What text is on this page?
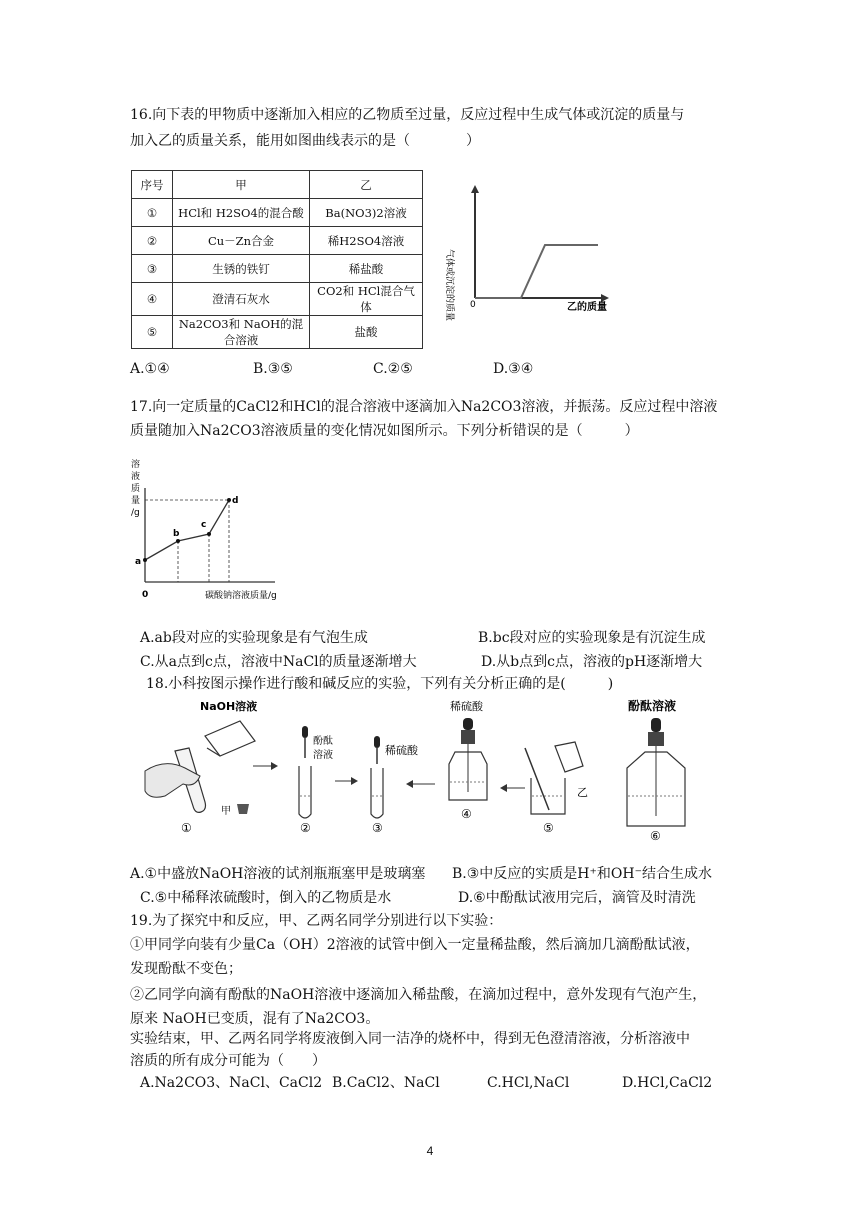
16.向下表的甲物质中逐渐加入相应的乙物质至过量，反应过程中生成气体或沉淀的质量与
加入乙的质量关系，能用如图曲线表示的是（　　　　）
序号	甲	乙
①	HCl和 H2SO4的混合酸	Ba(NO3)2溶液
②	Cu－Zn合金	稀H2SO4溶液
③	生锈的铁钉	稀盐酸
④	澄清石灰水	CO2和 HCl混合气体
⑤	Na2CO3和 NaOH的混合溶液	盐酸
气体或沉淀的质量	乙的质量
0
A.①④	B.③⑤	C.②⑤	D.③④
17.向一定质量的CaCl2和HCl的混合溶液中逐滴加入Na2CO3溶液，并振荡。反应过程中溶液
质量随加入Na2CO3溶液质量的变化情况如图所示。下列分析错误的是（　　　）
溶
液
质
量
/g
a
b
c
d
0	碳酸钠溶液质量/g
A.ab段对应的实验现象是有气泡生成	B.bc段对应的实验现象是有沉淀生成
C.从a点到c点，溶液中NaCl的质量逐渐增大	D.从b点到c点，溶液的pH逐渐增大
18.小科按图示操作进行酸和碱反应的实验，下列有关分析正确的是(　　　)
NaOH溶液
甲
①
酚酞
溶液
②
稀硫酸
③
稀硫酸
④
乙
⑤
酚酞溶液
⑥
A.①中盛放NaOH溶液的试剂瓶瓶塞甲是玻璃塞 B.③中反应的实质是H⁺和OH⁻结合生成水
C.⑤中稀释浓硫酸时，倒入的乙物质是水	D.⑥中酚酞试液用完后，滴管及时清洗
19.为了探究中和反应，甲、乙两名同学分别进行以下实验：
①甲同学向装有少量Ca（OH）2溶液的试管中倒入一定量稀盐酸，然后滴加几滴酚酞试液，
发现酚酞不变色；
②乙同学向滴有酚酞的NaOH溶液中逐滴加入稀盐酸，在滴加过程中，意外发现有气泡产生，
原来 NaOH已变质，混有了Na2CO3。
实验结束，甲、乙两名同学将废液倒入同一洁净的烧杯中，得到无色澄清溶液，分析溶液中
溶质的所有成分可能为（　　）
A.Na2CO3、NaCl、CaCl2 B.CaCl2、NaCl	C.HCl,NaCl	D.HCl,CaCl2
4
